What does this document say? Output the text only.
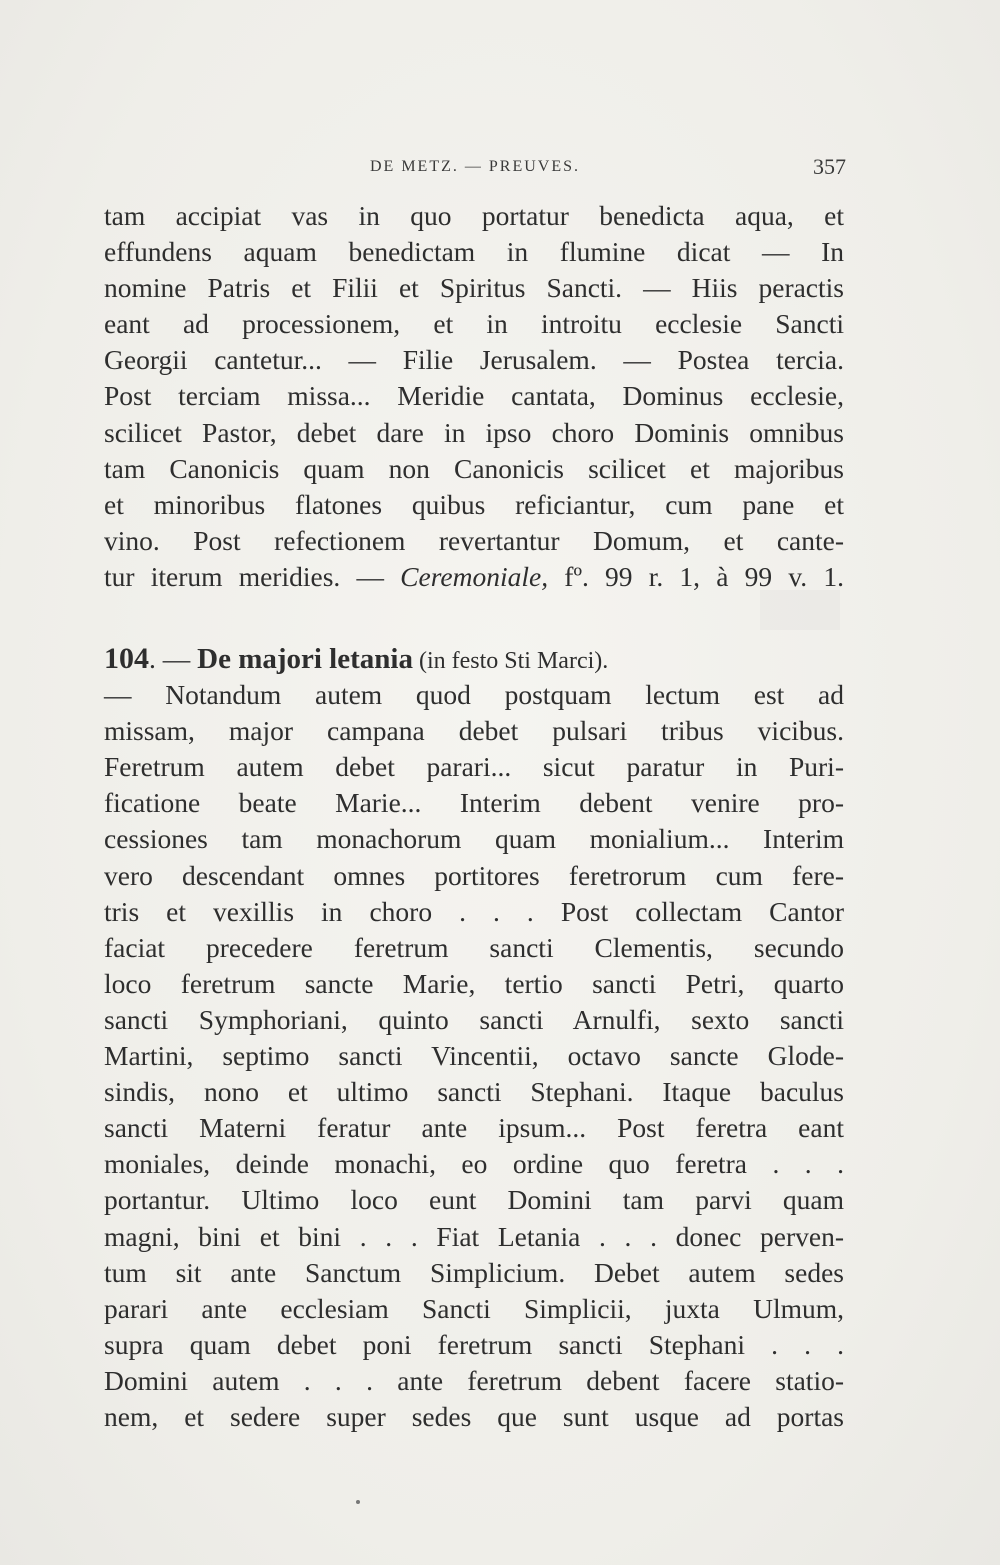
DE METZ. — PREUVES.	357
tam accipiat vas in quo portatur benedicta aqua, et
effundens aquam benedictam in flumine dicat — In
nomine Patris et Filii et Spiritus Sancti. — Hiis peractis
eant ad processionem, et in introitu ecclesie Sancti
Georgii cantetur... — Filie Jerusalem. — Postea tercia.
Post terciam missa... Meridie cantata, Dominus ecclesie,
scilicet Pastor, debet dare in ipso choro Dominis omnibus
tam Canonicis quam non Canonicis scilicet et majoribus
et minoribus flatones quibus reficiantur, cum pane et
vino. Post refectionem revertantur Domum, et cante-
tur iterum meridies. — Ceremoniale, fº. 99 r. 1, à 99 v. 1.
104. — De majori letania (in festo Sti Marci).
— Notandum autem quod postquam lectum est ad
missam, major campana debet pulsari tribus vicibus.
Feretrum autem debet parari... sicut paratur in Puri-
ficatione beate Marie... Interim debent venire pro-
cessiones tam monachorum quam monialium... Interim
vero descendant omnes portitores feretrorum cum fere-
tris et vexillis in choro . . . Post collectam Cantor
faciat precedere feretrum sancti Clementis, secundo
loco feretrum sancte Marie, tertio sancti Petri, quarto
sancti Symphoriani, quinto sancti Arnulfi, sexto sancti
Martini, septimo sancti Vincentii, octavo sancte Glode-
sindis, nono et ultimo sancti Stephani. Itaque baculus
sancti Materni feratur ante ipsum... Post feretra eant
moniales, deinde monachi, eo ordine quo feretra . . .
portantur. Ultimo loco eunt Domini tam parvi quam
magni, bini et bini . . . Fiat Letania . . . donec perven-
tum sit ante Sanctum Simplicium. Debet autem sedes
parari ante ecclesiam Sancti Simplicii, juxta Ulmum,
supra quam debet poni feretrum sancti Stephani . . .
Domini autem . . . ante feretrum debent facere statio-
nem, et sedere super sedes que sunt usque ad portas
